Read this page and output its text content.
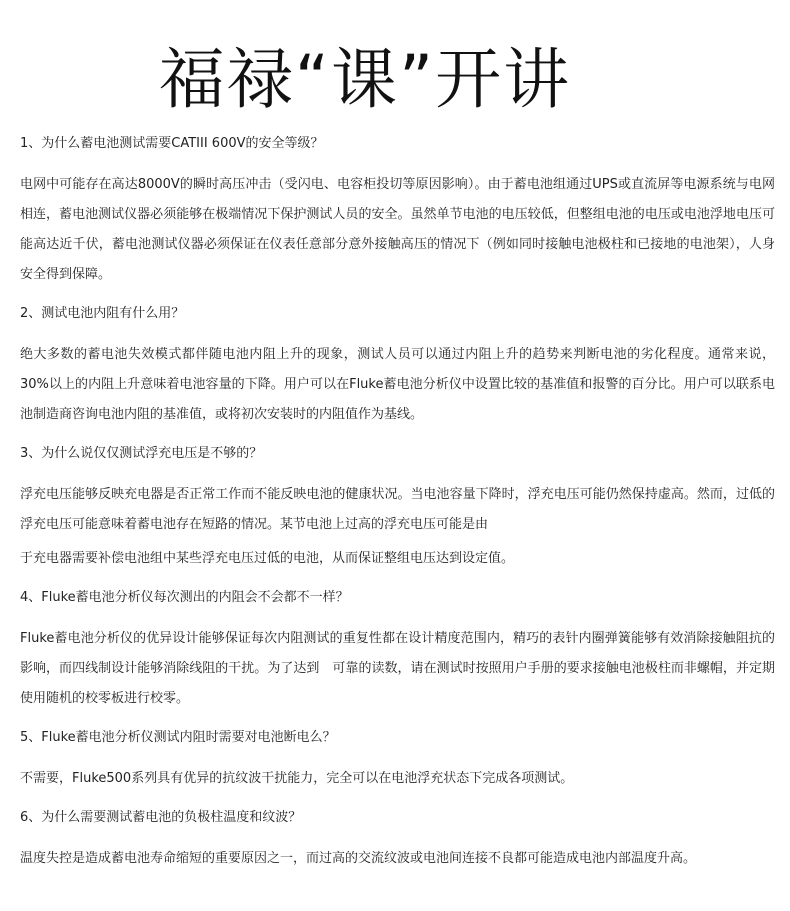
福禄“课”开讲
1、为什么蓄电池测试需要CATIII 600V的安全等级？
电网中可能存在高达8000V的瞬时高压冲击（受闪电、电容柜投切等原因影响）。由于蓄电池组通过UPS或直流屏等电源系统与电网相连，蓄电池测试仪器必须能够在极端情况下保护测试人员的安全。虽然单节电池的电压较低，但整组电池的电压或电池浮地电压可能高达近千伏，蓄电池测试仪器必须保证在仪表任意部分意外接触高压的情况下（例如同时接触电池极柱和已接地的电池架），人身安全得到保障。
2、测试电池内阻有什么用？
绝大多数的蓄电池失效模式都伴随电池内阻上升的现象，测试人员可以通过内阻上升的趋势来判断电池的劣化程度。通常来说，30%以上的内阻上升意味着电池容量的下降。用户可以在Fluke蓄电池分析仪中设置比较的基准值和报警的百分比。用户可以联系电池制造商咨询电池内阻的基准值，或将初次安装时的内阻值作为基线。
3、为什么说仅仅测试浮充电压是不够的？
浮充电压能够反映充电器是否正常工作而不能反映电池的健康状况。当电池容量下降时，浮充电压可能仍然保持虚高。然而，过低的浮充电压可能意味着蓄电池存在短路的情况。某节电池上过高的浮充电压可能是由
于充电器需要补偿电池组中某些浮充电压过低的电池，从而保证整组电压达到设定值。
4、Fluke蓄电池分析仪每次测出的内阻会不会都不一样？
Fluke蓄电池分析仪的优异设计能够保证每次内阻测试的重复性都在设计精度范围内，精巧的表针内圈弹簧能够有效消除接触阻抗的影响，而四线制设计能够消除线阻的干扰。为了达到　可靠的读数，请在测试时按照用户手册的要求接触电池极柱而非螺帽，并定期使用随机的校零板进行校零。
5、Fluke蓄电池分析仪测试内阻时需要对电池断电么？
不需要，Fluke500系列具有优异的抗纹波干扰能力，完全可以在电池浮充状态下完成各项测试。
6、为什么需要测试蓄电池的负极柱温度和纹波？
温度失控是造成蓄电池寿命缩短的重要原因之一，而过高的交流纹波或电池间连接不良都可能造成电池内部温度升高。
